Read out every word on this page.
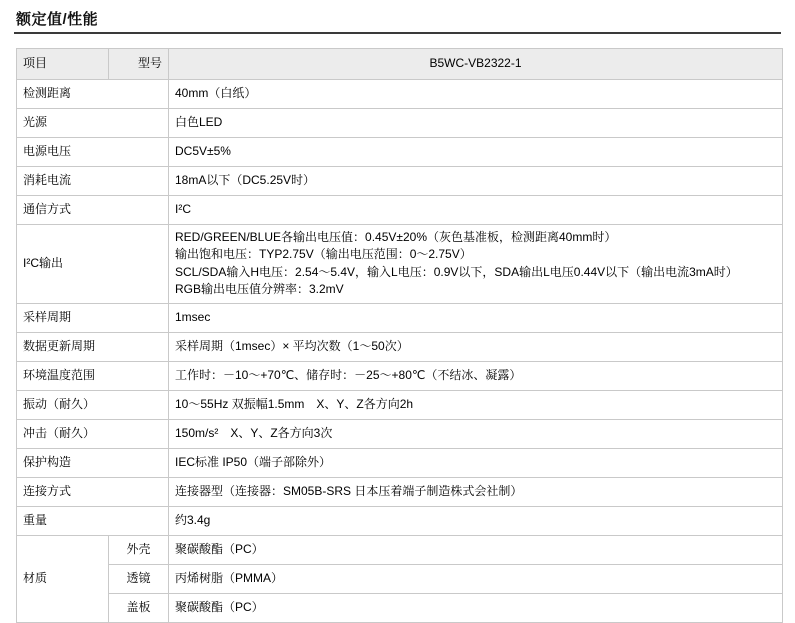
额定值/性能
项目	型号	B5WC-VB2322-1
检测距离		40mm（白纸）
光源		白色LED
电源电压		DC5V±5%
消耗电流		18mA以下（DC5.25V时）
通信方式		I²C
I²C输出		RED/GREEN/BLUE各输出电压值：0.45V±20%（灰色基准板，检测距离40mm时）
输出饱和电压：TYP2.75V（输出电压范围：0～2.75V）
SCL/SDA输入H电压：2.54～5.4V，输入L电压：0.9V以下，SDA输出L电压0.44V以下（输出电流3mA时）
RGB输出电压值分辨率：3.2mV

采样周期		1msec
数据更新周期		采样周期（1msec）× 平均次数（1～50次）
环境温度范围		工作时：－10～+70℃、储存时：－25～+80℃（不结冰、凝露）
振动（耐久）		10～55Hz 双振幅1.5mm　X、Y、Z各方向2h
冲击（耐久）		150m/s²　X、Y、Z各方向3次
保护构造		IEC标准 IP50（端子部除外）
连接方式		连接器型（连接器：SM05B-SRS 日本压着端子制造株式会社制）
重量		约3.4g
材质	外壳	聚碳酸酯（PC）
	透镜	丙烯树脂（PMMA）
	盖板	聚碳酸酯（PC）
